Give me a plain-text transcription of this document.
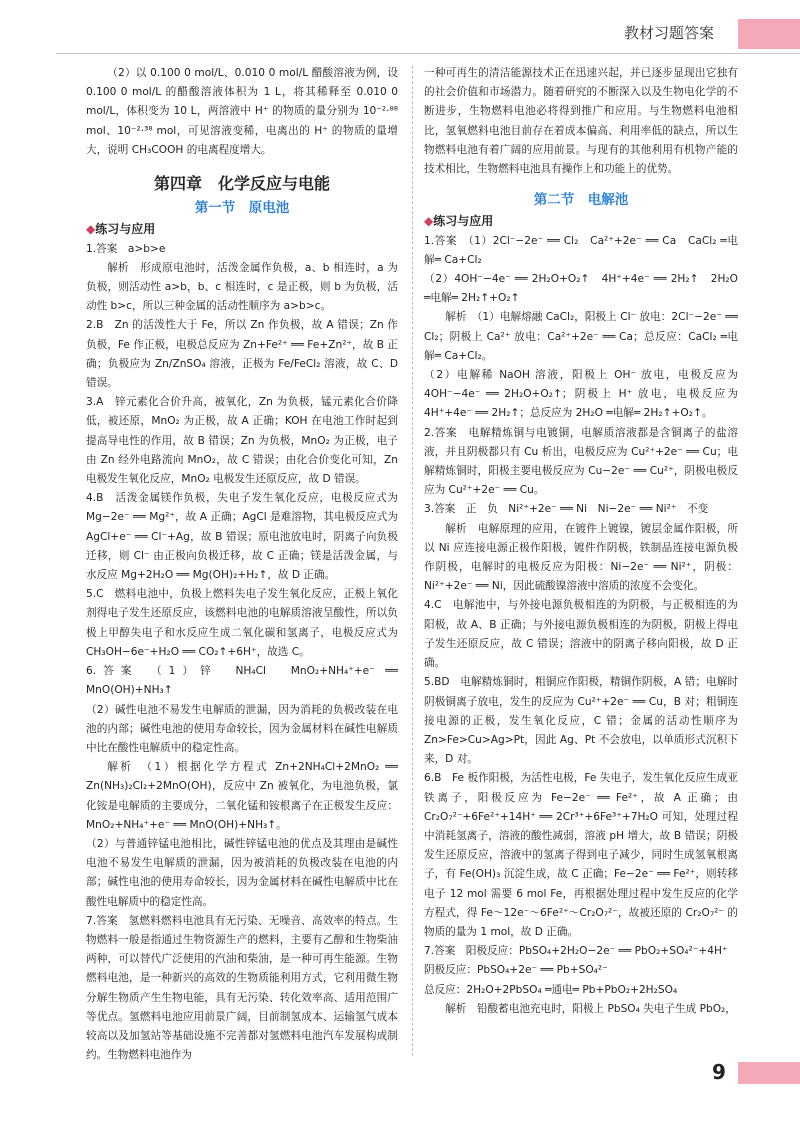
教材习题答案

（2）以 0.100 0 mol/L、0.010 0 mol/L 醋酸溶液为例，设 0.100 0 mol/L 的醋酸溶液体积为 1 L，将其稀释至 0.010 0 mol/L，体积变为 10 L，两溶液中 H⁺ 的物质的量分别为 10⁻²·⁸⁸ mol、10⁻²·³⁸ mol，可见溶液变稀，电离出的 H⁺ 的物质的量增大，说明 CH₃COOH 的电离程度增大。

第四章　化学反应与电能
第一节　原电池

◆练习与应用

1.答案　a>b>e

解析　形成原电池时，活泼金属作负极，a、b 相连时，a 为负极，则活动性 a>b，b、c 相连时，c 是正极，则 b 为负极，活动性 b>c，所以三种金属的活动性顺序为 a>b>c。

2.B　Zn 的活泼性大于 Fe，所以 Zn 作负极，故 A 错误；Zn 作负极，Fe 作正极，电极总反应为 Zn+Fe²⁺ ══ Fe+Zn²⁺，故 B 正确；负极应为 Zn/ZnSO₄ 溶液，正极为 Fe/FeCl₂ 溶液，故 C、D 错误。

3.A　锌元素化合价升高，被氧化，Zn 为负极，锰元素化合价降低，被还原，MnO₂ 为正极，故 A 正确；KOH 在电池工作时起到提高导电性的作用，故 B 错误；Zn 为负极，MnO₂ 为正极，电子由 Zn 经外电路流向 MnO₂，故 C 错误；由化合价变化可知，Zn 电极发生氧化反应，MnO₂ 电极发生还原反应，故 D 错误。

4.B　活泼金属镁作负极，失电子发生氧化反应，电极反应式为 Mg−2e⁻ ══ Mg²⁺，故 A 正确；AgCl 是难溶物，其电极反应式为 AgCl+e⁻ ══ Cl⁻+Ag，故 B 错误；原电池放电时，阴离子向负极迁移，则 Cl⁻ 由正极向负极迁移，故 C 正确；镁是活泼金属，与水反应 Mg+2H₂O ══ Mg(OH)₂+H₂↑，故 D 正确。

5.C　燃料电池中，负极上燃料失电子发生氧化反应，正极上氧化剂得电子发生还原反应，该燃料电池的电解质溶液呈酸性，所以负极上甲醇失电子和水反应生成二氧化碳和氢离子，电极反应式为 CH₃OH−6e⁻+H₂O ══ CO₂↑+6H⁺，故选 C。

6.答案　（1）锌　NH₄Cl　MnO₂+NH₄⁺+e⁻ ══ MnO(OH)+NH₃↑

（2）碱性电池不易发生电解质的泄漏，因为消耗的负极改装在电池的内部；碱性电池的使用寿命较长，因为金属材料在碱性电解质中比在酸性电解质中的稳定性高。

解析　（1）根据化学方程式 Zn+2NH₄Cl+2MnO₂ ══ Zn(NH₃)₂Cl₂+2MnO(OH)，反应中 Zn 被氧化，为电池负极，氯化铵是电解质的主要成分，二氧化锰和铵根离子在正极发生反应：MnO₂+NH₄⁺+e⁻ ══ MnO(OH)+NH₃↑。

（2）与普通锌锰电池相比，碱性锌锰电池的优点及其理由是碱性电池不易发生电解质的泄漏，因为被消耗的负极改装在电池的内部；碱性电池的使用寿命较长，因为金属材料在碱性电解质中比在酸性电解质中的稳定性高。

7.答案　氢燃料燃料电池具有无污染、无噪音、高效率的特点。生物燃料一般是指通过生物资源生产的燃料，主要有乙醇和生物柴油两种，可以替代广泛使用的汽油和柴油，是一种可再生能源。生物燃料电池，是一种新兴的高效的生物质能利用方式，它利用微生物分解生物质产生生物电能，具有无污染、转化效率高、适用范围广等优点。氢燃料电池应用前景广阔，目前制氢成本、运输氢气成本较高以及加氢站等基础设施不完善都对氢燃料电池汽车发展构成制约。生物燃料电池作为

一种可再生的清洁能源技术正在迅速兴起，并已逐步显现出它独有的社会价值和市场潜力。随着研究的不断深入以及生物电化学的不断进步，生物燃料电池必将得到推广和应用。与生物燃料电池相比，氢氧燃料电池目前存在着成本偏高、利用率低的缺点，所以生物燃料电池有着广阔的应用前景。与现有的其他利用有机物产能的技术相比，生物燃料电池具有操作上和功能上的优势。

第二节　电解池

◆练习与应用

1.答案　（1）2Cl⁻−2e⁻ ══ Cl₂　Ca²⁺+2e⁻ ══ Ca　CaCl₂ ═电解═ Ca+Cl₂

（2）4OH⁻−4e⁻ ══ 2H₂O+O₂↑　4H⁺+4e⁻ ══ 2H₂↑　2H₂O ═电解═ 2H₂↑+O₂↑

解析　（1）电解熔融 CaCl₂，阳极上 Cl⁻ 放电：2Cl⁻−2e⁻ ══ Cl₂；阴极上 Ca²⁺ 放电：Ca²⁺+2e⁻ ══ Ca；总反应：CaCl₂ ═电解═ Ca+Cl₂。

（2）电解稀 NaOH 溶液，阳极上 OH⁻ 放电，电极反应为 4OH⁻−4e⁻ ══ 2H₂O+O₂↑；阴极上 H⁺ 放电，电极反应为 4H⁺+4e⁻ ══ 2H₂↑；总反应为 2H₂O ═电解═ 2H₂↑+O₂↑。

2.答案　电解精炼铜与电镀铜，电解质溶液都是含铜离子的盐溶液，并且阴极都只有 Cu 析出，电极反应为 Cu²⁺+2e⁻ ══ Cu；电解精炼铜时，阳极主要电极反应为 Cu−2e⁻ ══ Cu²⁺，阴极电极反应为 Cu²⁺+2e⁻ ══ Cu。

3.答案　正　负　Ni²⁺+2e⁻ ══ Ni　Ni−2e⁻ ══ Ni²⁺　不变

解析　电解原理的应用，在镀件上镀镍，镀层金属作阳极，所以 Ni 应连接电源正极作阳极，镀件作阴极，铁制品连接电源负极作阴极，电解时的电极反应为阳极：Ni−2e⁻ ══ Ni²⁺，阴极：Ni²⁺+2e⁻ ══ Ni，因此硫酸镍溶液中溶质的浓度不会变化。

4.C　电解池中，与外接电源负极相连的为阴极，与正极相连的为阳极，故 A、B 正确；与外接电源负极相连的为阴极，阴极上得电子发生还原反应，故 C 错误；溶液中的阴离子移向阳极，故 D 正确。

5.BD　电解精炼铜时，粗铜应作阳极，精铜作阴极，A 错；电解时阴极铜离子放电，发生的反应为 Cu²⁺+2e⁻ ══ Cu，B 对；粗铜连接电源的正极，发生氧化反应，C 错；金属的活动性顺序为 Zn>Fe>Cu>Ag>Pt，因此 Ag、Pt 不会放电，以单质形式沉积下来，D 对。

6.B　Fe 板作阳极，为活性电极，Fe 失电子，发生氧化反应生成亚铁离子，阳极反应为 Fe−2e⁻ ══ Fe²⁺，故 A 正确；由 Cr₂O₇²⁻+6Fe²⁺+14H⁺ ══ 2Cr³⁺+6Fe³⁺+7H₂O 可知，处理过程中消耗氢离子，溶液的酸性减弱，溶液 pH 增大，故 B 错误；阴极发生还原反应，溶液中的氢离子得到电子减少，同时生成氢氧根离子，有 Fe(OH)₃ 沉淀生成，故 C 正确；Fe−2e⁻ ══ Fe²⁺，则转移电子 12 mol 需要 6 mol Fe，再根据处理过程中发生反应的化学方程式，得 Fe～12e⁻～6Fe²⁺～Cr₂O₇²⁻，故被还原的 Cr₂O₇²⁻ 的物质的量为 1 mol，故 D 正确。

7.答案　阳极反应：PbSO₄+2H₂O−2e⁻ ══ PbO₂+SO₄²⁻+4H⁺

阴极反应：PbSO₄+2e⁻ ══ Pb+SO₄²⁻

总反应：2H₂O+2PbSO₄ ═通电═ Pb+PbO₂+2H₂SO₄

解析　铅酸蓄电池充电时，阳极上 PbSO₄ 失电子生成 PbO₂，

9
